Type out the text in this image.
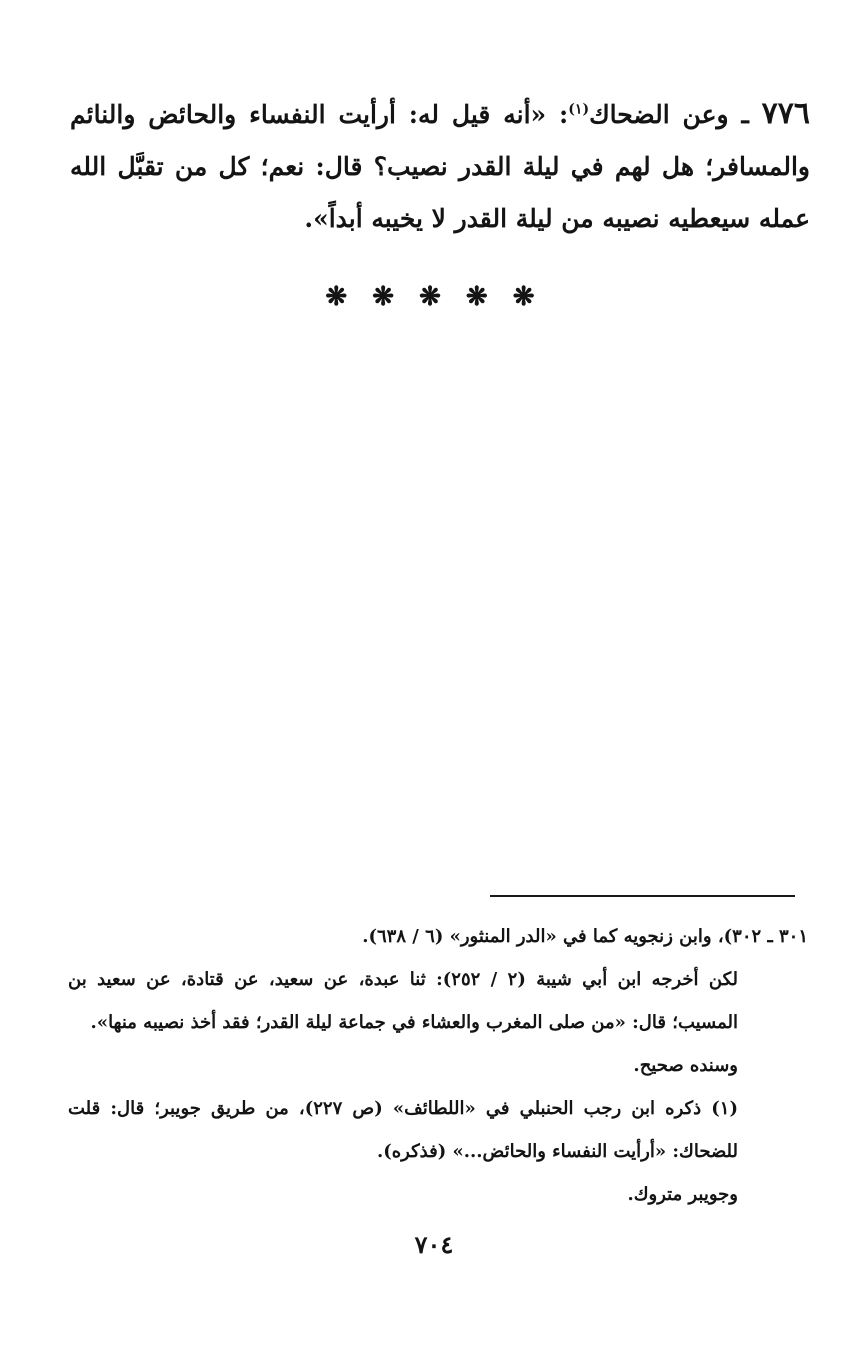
٧٧٦ ـ وعن الضحاك$^{(١)}$: «أنه قيل له: أرأيت النفساء والحائض والنائم والمسافر؛ هل لهم في ليلة القدر نصيب؟ قال: نعم؛ كل من تقبَّل الله عمله سيعطيه نصيبه من ليلة القدر لا يخيبه أبداً».
❋ ❋ ❋ ❋ ❋
٣٠١ ـ ٣٠٢)، وابن زنجويه كما في «الدر المنثور» (٦ / ٦٣٨).
لكن أخرجه ابن أبي شيبة (٢ / ٢٥٢): ثنا عبدة، عن سعيد، عن قتادة، عن سعيد بن المسيب؛ قال: «من صلى المغرب والعشاء في جماعة ليلة القدر؛ فقد أخذ نصيبه منها».
وسنده صحيح.
(١) ذكره ابن رجب الحنبلي في «اللطائف» (ص ٢٢٧)، من طريق جويبر؛ قال: قلت للضحاك: «أرأيت النفساء والحائض...» (فذكره).
وجويبر متروك.
٧٠٤
